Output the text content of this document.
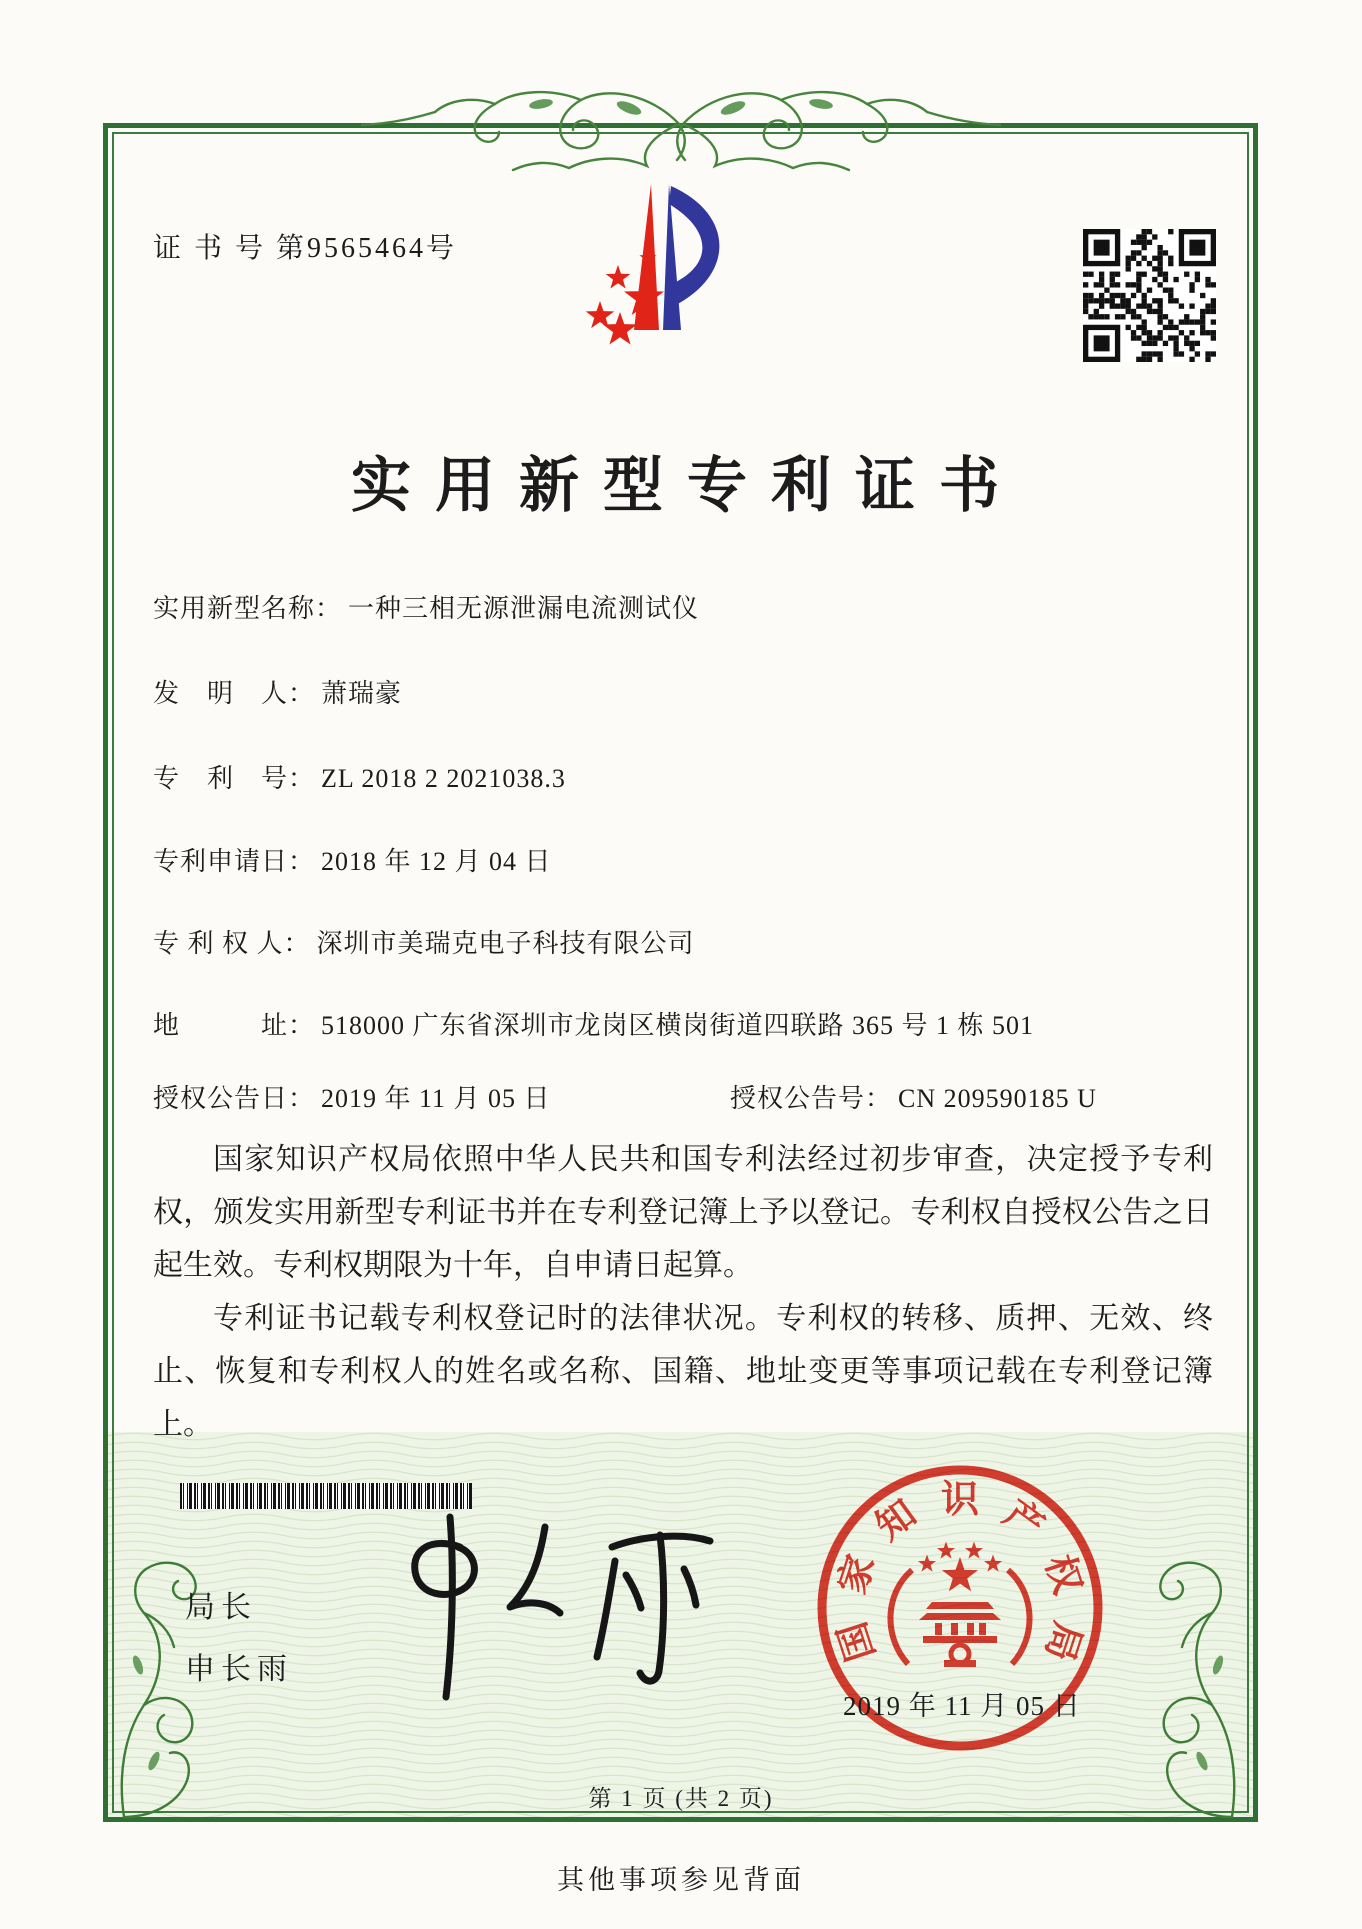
证 书 号 第9565464号
实用新型专利证书
实用新型名称： 一种三相无源泄漏电流测试仪
发　明　人： 萧瑞豪
专　利　号： ZL 2018 2 2021038.3
专利申请日： 2018 年 12 月 04 日
专 利 权 人： 深圳市美瑞克电子科技有限公司
地　　　址： 518000 广东省深圳市龙岗区横岗街道四联路 365 号 1 栋 501
授权公告日： 2019 年 11 月 05 日	授权公告号： CN 209590185 U

国家知识产权局依照中华人民共和国专利法经过初步审查，决定授予专利权，颁发实用新型专利证书并在专利登记簿上予以登记。专利权自授权公告之日起生效。专利权期限为十年，自申请日起算。

专利证书记载专利权登记时的法律状况。专利权的转移、质押、无效、终止、恢复和专利权人的姓名或名称、国籍、地址变更等事项记载在专利登记簿上。

局长
申长雨
国
家
知 识 产
权
局
2019 年 11 月 05 日
第 1 页 (共 2 页)
其他事项参见背面
